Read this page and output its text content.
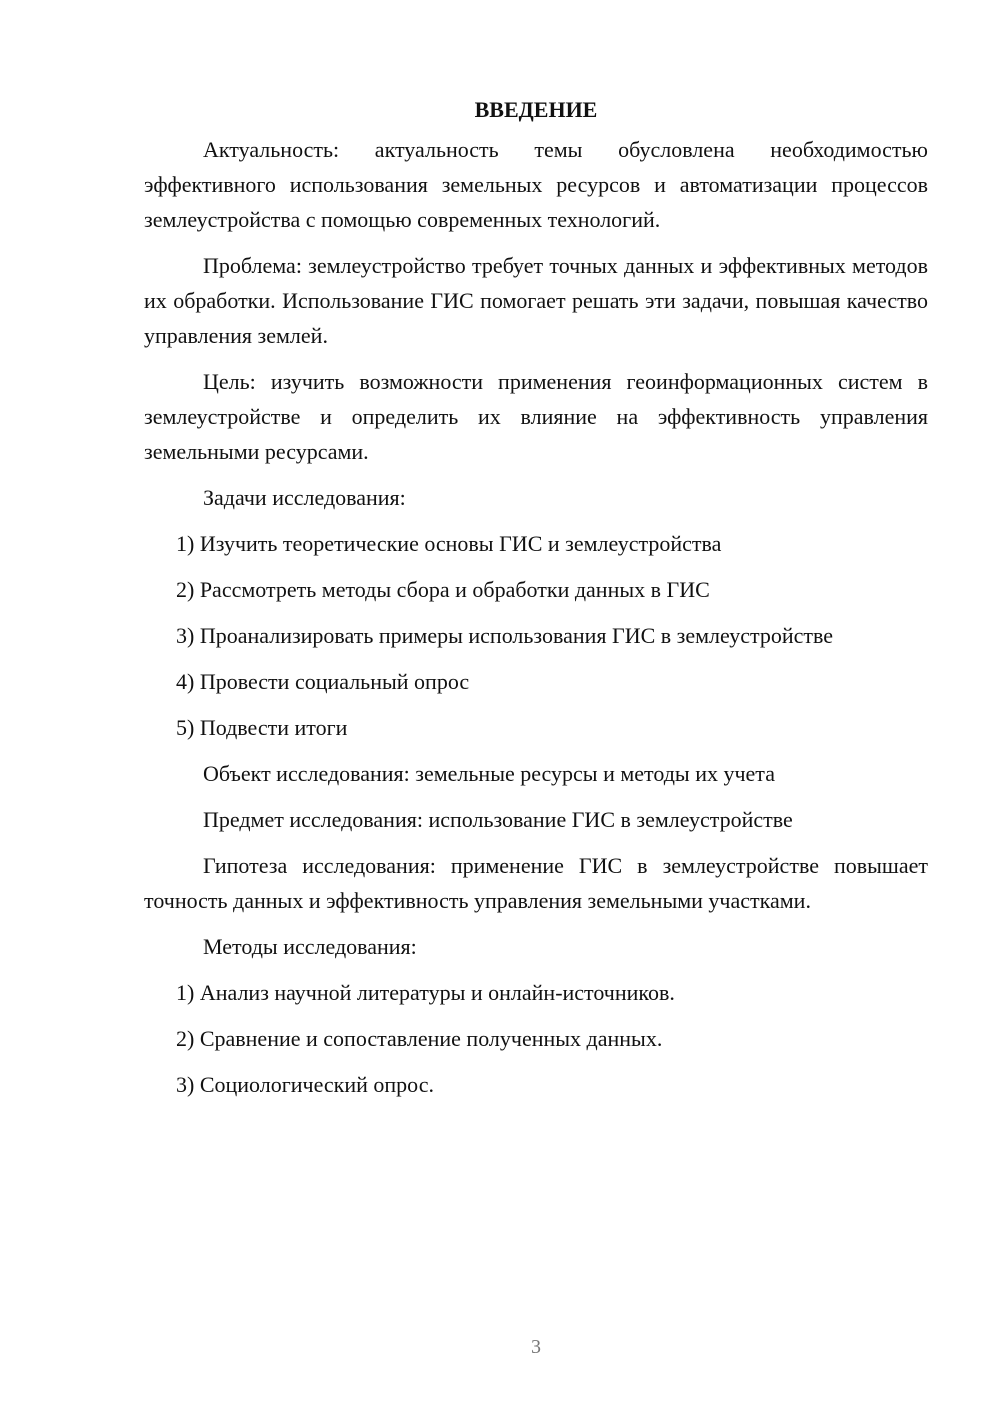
ВВЕДЕНИЕ

Актуальность: актуальность темы обусловлена необходимостью эффективного использования земельных ресурсов и автоматизации процессов землеустройства с помощью современных технологий.

Проблема: землеустройство требует точных данных и эффективных методов их обработки. Использование ГИС помогает решать эти задачи, повышая качество управления землей.

Цель: изучить возможности применения геоинформационных систем в землеустройстве и определить их влияние на эффективность управления земельными ресурсами.

Задачи исследования:

1) Изучить теоретические основы ГИС и землеустройства
2) Рассмотреть методы сбора и обработки данных в ГИС
3) Проанализировать примеры использования ГИС в землеустройстве
4) Провести социальный опрос
5) Подвести итоги

Объект исследования: земельные ресурсы и методы их учета

Предмет исследования: использование ГИС в землеустройстве

Гипотеза исследования: применение ГИС в землеустройстве повышает точность данных и эффективность управления земельными участками.

Методы исследования:

1) Анализ научной литературы и онлайн-источников.
2) Сравнение и сопоставление полученных данных.
3) Социологический опрос.
3
